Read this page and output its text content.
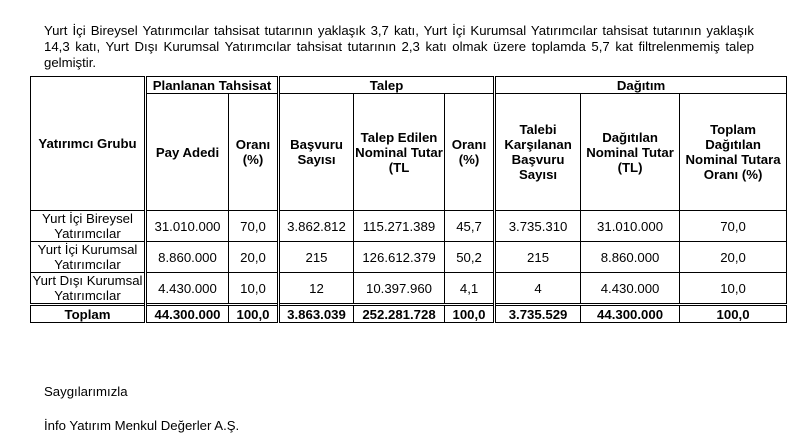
Yurt İçi Bireysel Yatırımcılar tahsisat tutarının yaklaşık 3,7 katı, Yurt İçi Kurumsal Yatırımcılar tahsisat tutarının yaklaşık 14,3 katı, Yurt Dışı Kurumsal Yatırımcılar tahsisat tutarının 2,3 katı olmak üzere toplamda 5,7 kat filtrelenmemiş talep gelmiştir.

Yatırımcı Grubu	Planlanan Tahsisat		Talep			Dağıtım		
	Pay Adedi	Oranı (%)	Başvuru Sayısı	Talep Edilen Nominal Tutar (TL	Oranı (%)	Talebi Karşılanan Başvuru Sayısı	Dağıtılan Nominal Tutar (TL)	Toplam Dağıtılan Nominal Tutara Oranı (%)
Yurt İçi Bireysel Yatırımcılar	31.010.000	70,0	3.862.812	115.271.389	45,7	3.735.310	31.010.000	70,0
Yurt İçi Kurumsal Yatırımcılar	8.860.000	20,0	215	126.612.379	50,2	215	8.860.000	20,0
Yurt Dışı Kurumsal Yatırımcılar	4.430.000	10,0	12	10.397.960	4,1	4	4.430.000	10,0
Toplam	44.300.000	100,0	3.863.039	252.281.728	100,0	3.735.529	44.300.000	100,0
Saygılarımızla
İnfo Yatırım Menkul Değerler A.Ş.
